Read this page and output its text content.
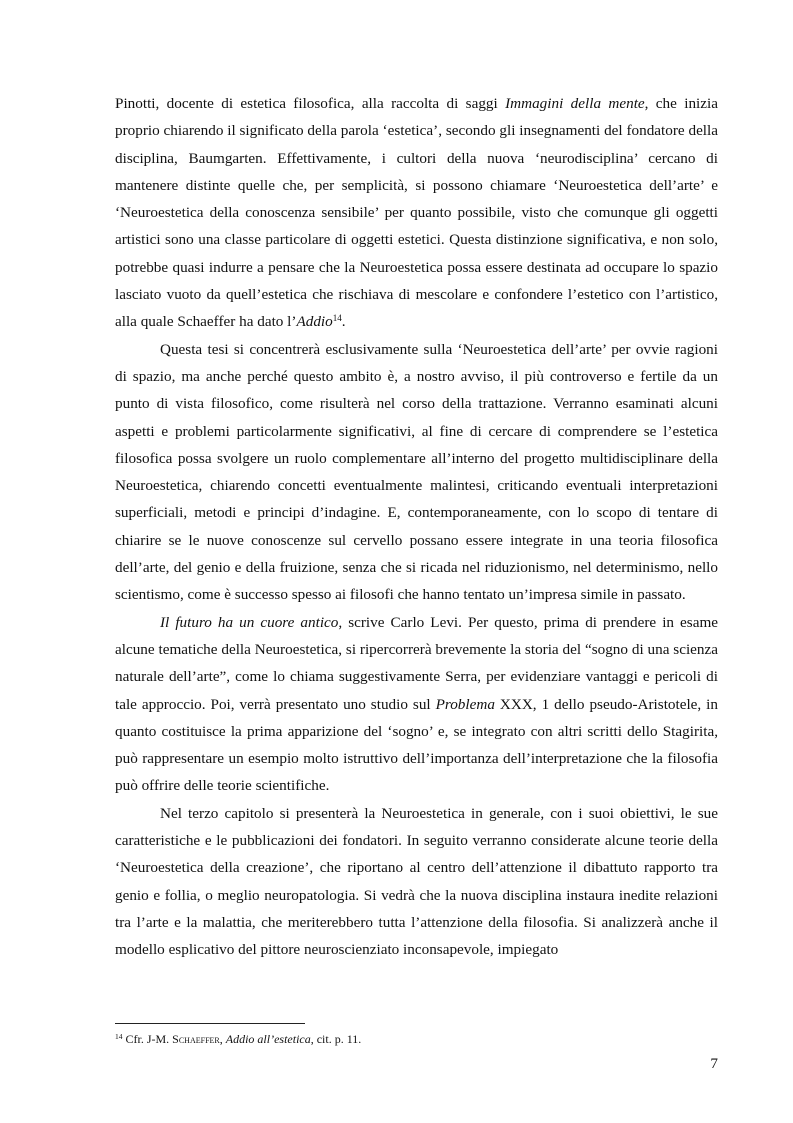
Pinotti, docente di estetica filosofica, alla raccolta di saggi Immagini della mente, che inizia proprio chiarendo il significato della parola ‘estetica’, secondo gli insegnamenti del fondatore della disciplina, Baumgarten. Effettivamente, i cultori della nuova ‘neurodisciplina’ cercano di mantenere distinte quelle che, per semplicità, si possono chiamare ‘Neuroestetica dell’arte’ e ‘Neuroestetica della conoscenza sensibile’ per quanto possibile, visto che comunque gli oggetti artistici sono una classe particolare di oggetti estetici. Questa distinzione significativa, e non solo, potrebbe quasi indurre a pensare che la Neuroestetica possa essere destinata ad occupare lo spazio lasciato vuoto da quell’estetica che rischiava di mescolare e confondere l’estetico con l’artistico, alla quale Schaeffer ha dato l’Addio$^{14}$.

Questa tesi si concentrerà esclusivamente sulla ‘Neuroestetica dell’arte’ per ovvie ragioni di spazio, ma anche perché questo ambito è, a nostro avviso, il più controverso e fertile da un punto di vista filosofico, come risulterà nel corso della trattazione. Verranno esaminati alcuni aspetti e problemi particolarmente significativi, al fine di cercare di comprendere se l’estetica filosofica possa svolgere un ruolo complementare all’interno del progetto multidisciplinare della Neuroestetica, chiarendo concetti eventualmente malintesi, criticando eventuali interpretazioni superficiali, metodi e principi d’indagine. E, contemporaneamente, con lo scopo di tentare di chiarire se le nuove conoscenze sul cervello possano essere integrate in una teoria filosofica dell’arte, del genio e della fruizione, senza che si ricada nel riduzionismo, nel determinismo, nello scientismo, come è successo spesso ai filosofi che hanno tentato un’impresa simile in passato.

Il futuro ha un cuore antico, scrive Carlo Levi. Per questo, prima di prendere in esame alcune tematiche della Neuroestetica, si ripercorrerà brevemente la storia del “sogno di una scienza naturale dell’arte”, come lo chiama suggestivamente Serra, per evidenziare vantaggi e pericoli di tale approccio. Poi, verrà presentato uno studio sul Problema XXX, 1 dello pseudo-Aristotele, in quanto costituisce la prima apparizione del ‘sogno’ e, se integrato con altri scritti dello Stagirita, può rappresentare un esempio molto istruttivo dell’importanza dell’interpretazione che la filosofia può offrire delle teorie scientifiche.

Nel terzo capitolo si presenterà la Neuroestetica in generale, con i suoi obiettivi, le sue caratteristiche e le pubblicazioni dei fondatori. In seguito verranno considerate alcune teorie della ‘Neuroestetica della creazione’, che riportano al centro dell’attenzione il dibattuto rapporto tra genio e follia, o meglio neuropatologia. Si vedrà che la nuova disciplina instaura inedite relazioni tra l’arte e la malattia, che meriterebbero tutta l’attenzione della filosofia. Si analizzerà anche il modello esplicativo del pittore neuroscienziato inconsapevole, impiegato

$^{14}$ Cfr. J-M. Schaeffer, Addio all’estetica, cit. p. 11.
7
